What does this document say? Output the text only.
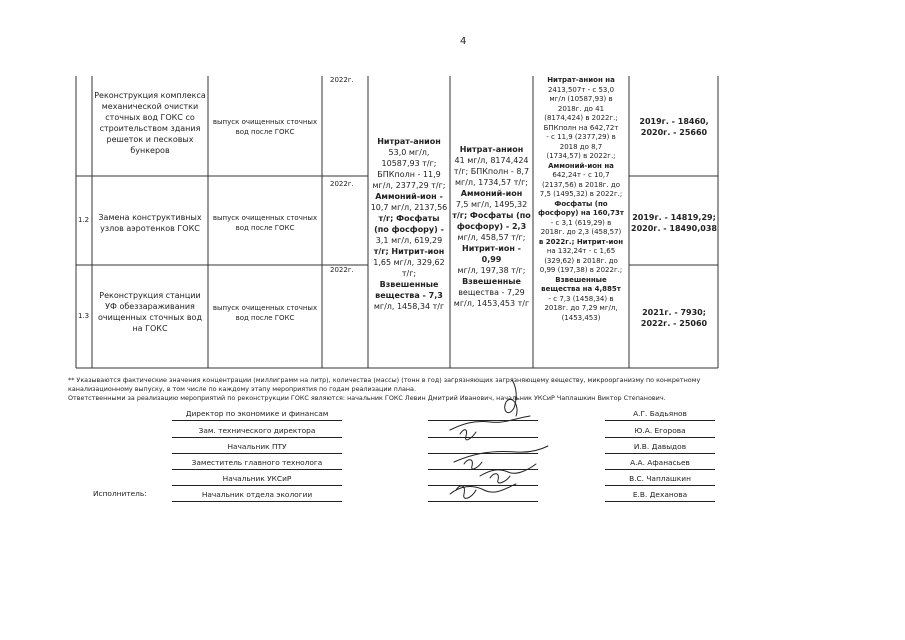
4
2022г.
2022г.
2022г.
1.2
1.3
Реконструкция комплекса механической очистки сточных вод ГОКС со строительством здания решеток и песковых бункеров
Замена конструктивных узлов аэротенков ГОКС
Реконструкция станции УФ обеззараживания очищенных сточных вод на ГОКС
выпуск очищенных сточных вод после ГОКС
выпуск очищенных сточных вод после ГОКС
выпуск очищенных сточных вод после ГОКС
Нитрат-анион
53,0 мг/л,
10587,93 т/г;
БПКполн - 11,9
мг/л, 2377,29 т/г;
Аммоний-ион -
10,7 мг/л, 2137,56
т/г; Фосфаты
(по фосфору) -
3,1 мг/л, 619,29
т/г; Нитрит-ион
1,65 мг/л, 329,62
т/г;
Взвешенные
вещества - 7,3
мг/л, 1458,34 т/г
Нитрат-анион
41 мг/л, 8174,424
т/г; БПКполн - 8,7
мг/л, 1734,57 т/г;
Аммоний-ион
7,5 мг/л, 1495,32
т/г; Фосфаты (по
фосфору) - 2,3
мг/л, 458,57 т/г;
Нитрит-ион - 0,99
мг/л, 197,38 т/г;
Взвешенные
вещества - 7,29
мг/л, 1453,453 т/г
Нитрат-анион на
2413,507т - с 53,0
мг/л (10587,93) в
2018г. до 41
(8174,424) в 2022г.;
БПКполн на 642,72т
- с 11,9 (2377,29) в
2018 до 8,7
(1734,57) в 2022г.;
Аммоний-ион на
642,24т - с 10,7
(2137,56) в 2018г. до
7,5 (1495,32) в 2022г.;
Фосфаты (по
фосфору) на 160,73т
- с 3,1 (619,29) в
2018г. до 2,3 (458,57)
в 2022г.; Нитрит-ион
на 132,24т - с 1,65
(329,62) в 2018г. до
0,99 (197,38) в 2022г.;
Взвешенные
вещества на 4,885т
- с 7,3 (1458,34) в
2018г. до 7,29 мг/л,
(1453,453)
2019г. - 18460,
2020г. - 25660
2019г. - 14819,29;
2020г. - 18490,038
2021г. - 7930;
2022г. - 25060
** Указываются фактические значения концентрации (миллиграмм на литр), количества (массы) (тонн в год) загрязняющих загрязняющему веществу, микроорганизму по конкретному
канализационному выпуску, в том числе по каждому этапу мероприятия по годам реализации плана.
Ответственными за реализацию мероприятий по реконструкции ГОКС являются: начальник ГОКС Левин Дмитрий Иванович, начальник УКСиР Чаплашкин Виктор Степанович.
Директор по экономике и финансам
Зам. технического директора
Начальник ПТУ
Заместитель главного технолога
Начальник УКСиР
Начальник отдела экологии
А.Г. Бадьянов
Ю.А. Егорова
И.В. Давыдов
А.А. Афанасьев
В.С. Чаплашкин
Е.В. Деханова
Исполнитель:
